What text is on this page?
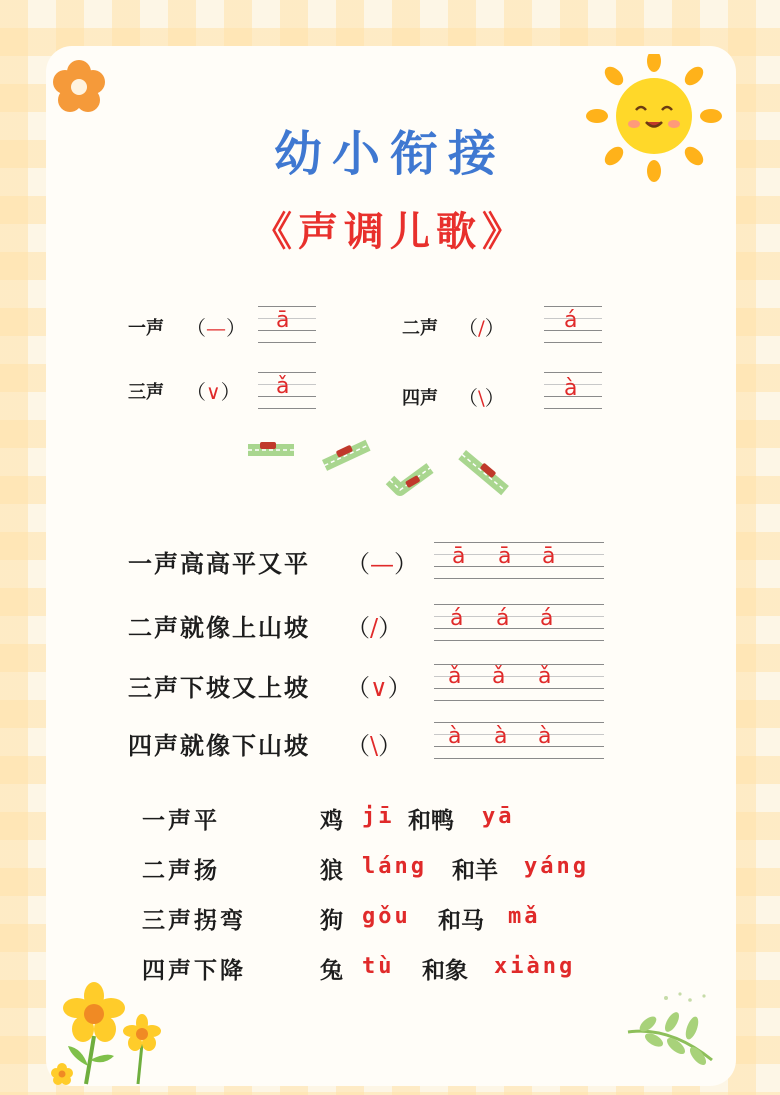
幼小衔接
《声调儿歌》
一声 （—） ā	二声 （/）	á
三声 （∨） ǎ	四声 （\）	à
一声高高平又平 （—） ā ā ā
二声就像上山坡 （/） á á á
三声下坡又上坡 （∨） ǎ ǎ ǎ
四声就像下山坡 （\） à à à
一声平	鸡 jī 和鸭 yā
二声扬	狼 láng 和羊 yáng
三声拐弯	狗 gǒu 和马 mǎ
四声下降	兔 tù 和象 xiàng
